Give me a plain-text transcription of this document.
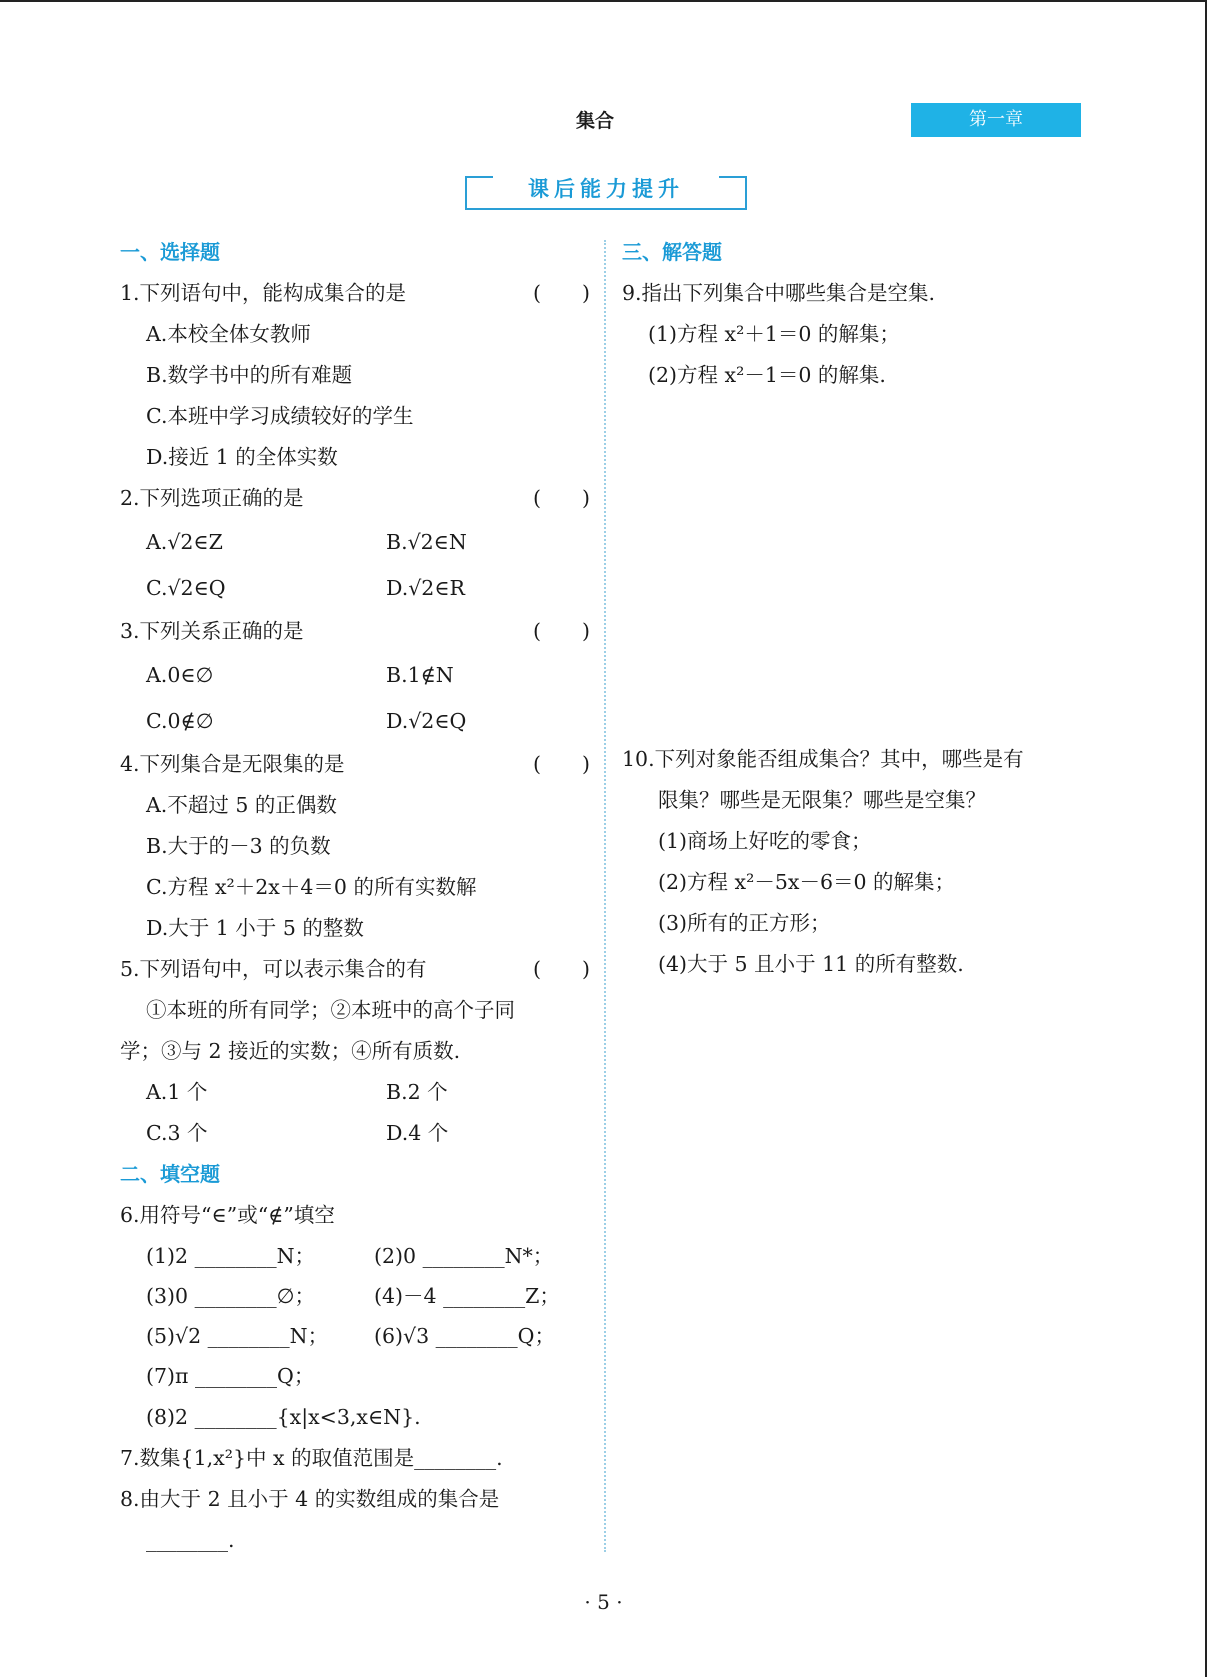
集合	第一章
课后能力提升
一、选择题
1.下列语句中，能构成集合的是	(　　)
A.本校全体女教师
B.数学书中的所有难题
C.本班中学习成绩较好的学生
D.接近 1 的全体实数
2.下列选项正确的是	(　　)
A.√2∈Z	B.√2∈N
C.√2∈Q	D.√2∈R
3.下列关系正确的是	(　　)
A.0∈∅	B.1∉N
C.0∉∅	D.√2∈Q
4.下列集合是无限集的是	(　　)
A.不超过 5 的正偶数
B.大于的－3 的负数
C.方程 x²＋2x＋4＝0 的所有实数解
D.大于 1 小于 5 的整数
5.下列语句中，可以表示集合的有	(　　)
①本班的所有同学；②本班中的高个子同
学；③与 2 接近的实数；④所有质数.
A.1 个	B.2 个
C.3 个	D.4 个
二、填空题
6.用符号“∈”或“∉”填空
(1)2 ________N；	(2)0 ________N*；
(3)0 ________∅；	(4)－4 ________Z；
(5)√2 ________N；	(6)√3 ________Q；
(7)π ________Q；
(8)2 ________{x|x<3,x∈N}.
7.数集{1,x²}中 x 的取值范围是________.
8.由大于 2 且小于 4 的实数组成的集合是
________.
三、解答题
9.指出下列集合中哪些集合是空集.
(1)方程 x²＋1＝0 的解集；
(2)方程 x²－1＝0 的解集.
10.下列对象能否组成集合？其中，哪些是有
限集？哪些是无限集？哪些是空集？
(1)商场上好吃的零食；
(2)方程 x²－5x－6＝0 的解集；
(3)所有的正方形；
(4)大于 5 且小于 11 的所有整数.
· 5 ·
